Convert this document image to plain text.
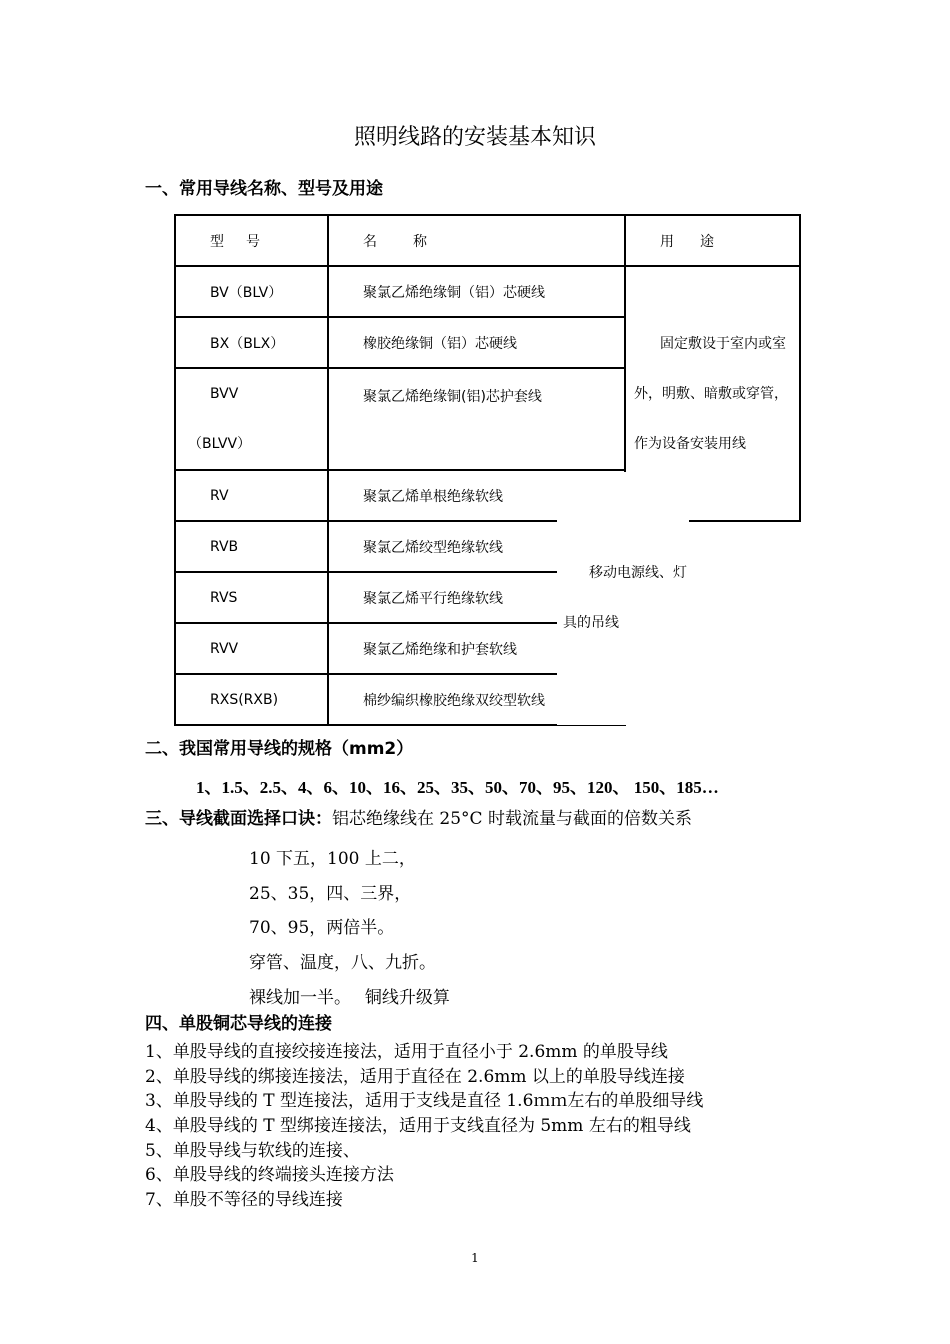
照明线路的安装基本知识
一、常用导线名称、型号及用途
型号	名称	用途
BV（BLV）	聚氯乙烯绝缘铜（铝）芯硬线	固定敷设于室内或室外，明敷、暗敷或穿管，作为设备安装用线
BX（BLX）	橡胶绝缘铜（铝）芯硬线	

BVV
（BLVV）	聚氯乙烯绝缘铜(铝)芯护套线	
RV	聚氯乙烯单根绝缘软线	
RVB	聚氯乙烯绞型绝缘软线	
RVS	聚氯乙烯平行绝缘软线	
RVV	聚氯乙烯绝缘和护套软线	
RXS(RXB)	棉纱编织橡胶绝缘双绞型软线	
移动电源线、灯具的吊线
二、我国常用导线的规格（mm2）
1、1.5、2.5、4、6、10、16、25、35、50、70、95、120、 150、185…
三、导线截面选择口诀：铝芯绝缘线在 25°C 时载流量与截面的倍数关系
10 下五，100 上二，
25、35，四、三界，
70、95，两倍半。
穿管、温度，八、九折。
裸线加一半。　 铜线升级算
四、单股铜芯导线的连接
1、单股导线的直接绞接连接法，适用于直径小于 2.6mm 的单股导线
2、单股导线的绑接连接法，适用于直径在 2.6mm 以上的单股导线连接
3、单股导线的 T 型连接法，适用于支线是直径 1.6ｍｍ左右的单股细导线
4、单股导线的 T 型绑接连接法，适用于支线直径为 5mm 左右的粗导线
5、单股导线与软线的连接、
6、单股导线的终端接头连接方法
7、单股不等径的导线连接
1
